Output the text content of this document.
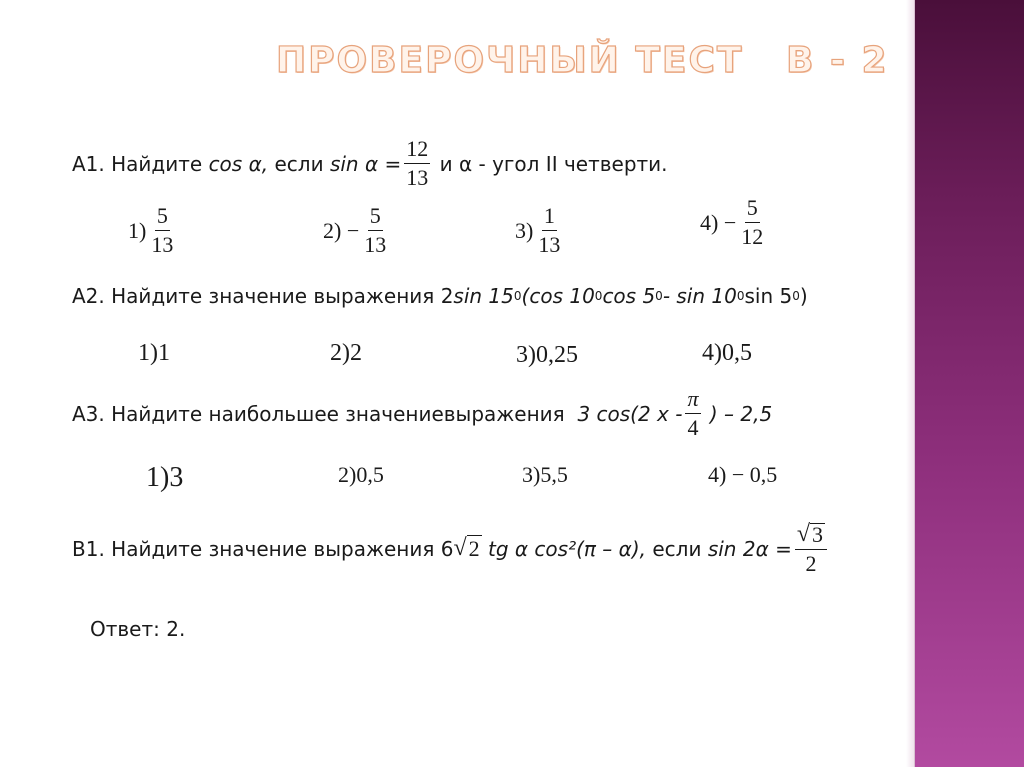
ПРОВЕРОЧНЫЙ ТЕСТ В - 2
А1. Найдите
cos α,
если
$\sin \alpha = \frac{12}{13}$
и α - угол II четверти.
$1) \frac{5}{13}$	2)
− $\frac{5}{13}$	$3) \frac{1}{13}$	4)
− $\frac{5}{12}$
А2. Найдите значение выражения 2 sin 15 0 (cos 10 0 cos 5 0 - sin 10 0 sin 5 0 )
1)1	2)2	3)0,25	4)0,5
А3. Найдите наибольшее значениевыражения
3 cos(2 x - $\frac{\pi}{4}$
) – 2,5
1)3	2)0,5	3)5,5	4) − 0,5
В1. Найдите значение выражения 6 √ 2
tg α cos²(π – α),
если
$\sin 2\alpha = \frac{√ 3}{2}$
Ответ: 2.
